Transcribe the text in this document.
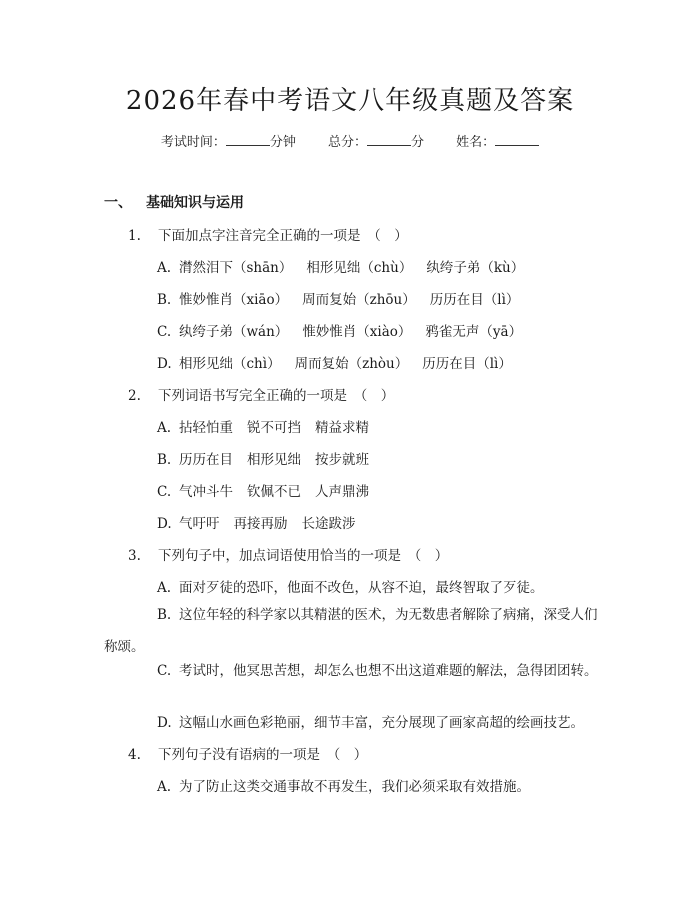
2026年春中考语文八年级真题及答案
考试时间：	分钟 总分：	分 姓名：
一、 基础知识与运用
1. 下面加点字注音完全正确的一项是　（　）
A. 潸然泪下（shān） 相形见绌（chù） 纨绔子弟（kù）
B. 惟妙惟肖（xiāo） 周而复始（zhōu） 历历在目（lì）
C. 纨绔子弟（wán） 惟妙惟肖（xiào） 鸦雀无声（yā）
D. 相形见绌（chì） 周而复始（zhòu） 历历在目（lì）
2. 下列词语书写完全正确的一项是　（　）
A. 拈轻怕重 锐不可挡 精益求精
B. 历历在目 相形见绌 按步就班
C. 气冲斗牛 钦佩不已 人声鼎沸
D. 气吁吁 再接再励 长途跋涉
3. 下列句子中，加点词语使用恰当的一项是　（　）
A. 面对歹徒的恐吓，他面不改色，从容不迫，最终智取了歹徒。
B. 这位年轻的科学家以其精湛的医术，为无数患者解除了病痛，深受人们称颂。
C. 考试时，他冥思苦想，却怎么也想不出这道难题的解法，急得团团转。
D. 这幅山水画色彩艳丽，细节丰富，充分展现了画家高超的绘画技艺。
4. 下列句子没有语病的一项是　（　）
A. 为了防止这类交通事故不再发生，我们必须采取有效措施。
